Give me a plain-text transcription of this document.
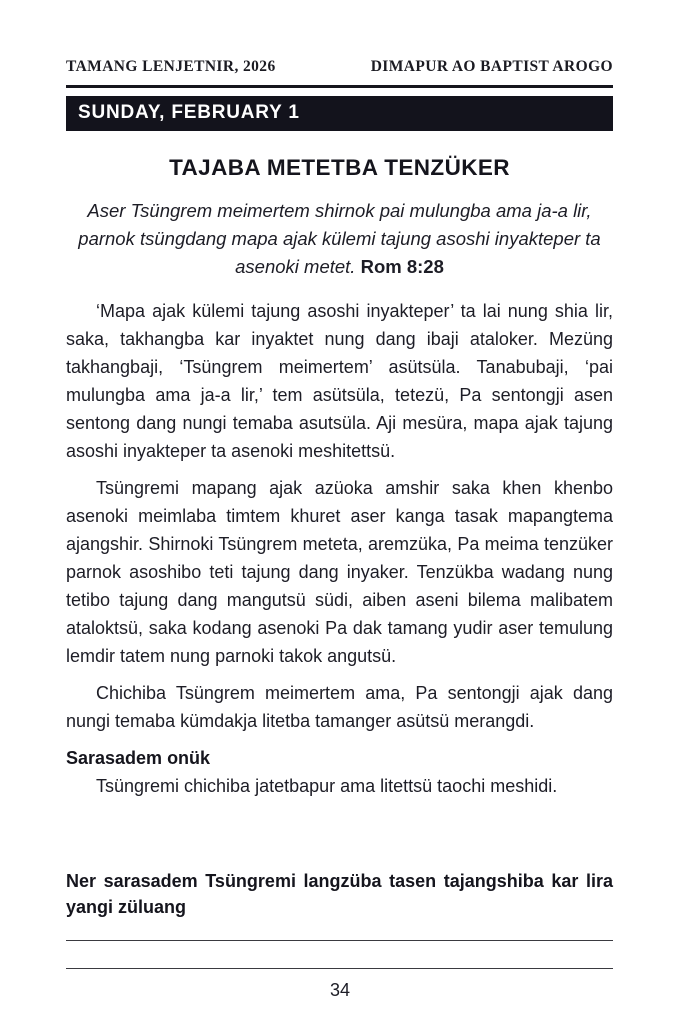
TAMANG LENJETNIR, 2026	DIMAPUR AO BAPTIST AROGO
SUNDAY, FEBRUARY 1
TAJABA METETBA TENZÜKER
Aser Tsüngrem meimertem shirnok pai mulungba ama ja-a lir, parnok tsüngdang mapa ajak külemi tajung asoshi inyakteper ta asenoki metet. Rom 8:28

‘Mapa ajak külemi tajung asoshi inyakteper’ ta lai nung shia lir, saka, takhangba kar inyaktet nung dang ibaji ataloker. Mezüng takhangbaji, ‘Tsüngrem meimertem’ asütsüla. Tanabubaji, ‘pai mulungba ama ja-a lir,’ tem asütsüla, tetezü, Pa sentongji asen sentong dang nungi temaba asutsüla. Aji mesüra, mapa ajak tajung asoshi inyakteper ta asenoki meshitettsü.

Tsüngremi mapang ajak azüoka amshir saka khen khenbo asenoki meimlaba timtem khuret aser kanga tasak mapangtema ajangshir. Shirnoki Tsüngrem meteta, aremzüka, Pa meima tenzüker parnok asoshibo teti tajung dang inyaker. Tenzükba wadang nung tetibo tajung dang mangutsü südi, aiben aseni bilema malibatem ataloktsü, saka kodang asenoki Pa dak tamang yudir aser temulung lemdir tatem nung parnoki takok angutsü.

Chichiba Tsüngrem meimertem ama, Pa sentongji ajak dang nungi temaba kümdakja litetba tamanger asütsü merangdi.

Sarasadem onük

Tsüngremi chichiba jatetbapur ama litettsü taochi meshidi.

Ner sarasadem Tsüngremi langzüba tasen tajangshiba kar lira yangi züluang
34
